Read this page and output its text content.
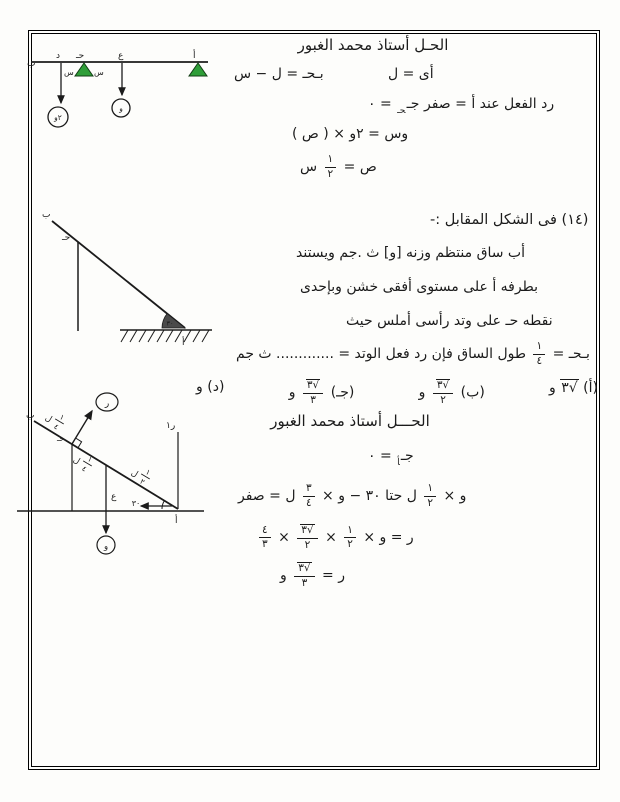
الحـل أستاذ محمد الغبور
أى = ل
بـحـ = ل − س
رد الفعل عند أ = صفر
جـ$_{حـ}$ = ٠
وس = ٢و × ( ص )
ص =
$\frac{١}{٢}$
س
ب
د حـ
س	س
ع	أ
٢و
و
(١٤) فى الشكل المقابل :-
أب ساق منتظم وزنه [و] ث .جم ويستند
بطرفه أ على مستوى أفقى خشن وبإحدى
نقطه حـ على وتد رأسى أملس حيث
بـحـ =
$\frac{١}{٤}$
طول الساق فإن رد فعل الوتد = ............. ث جم
(أ) √ ٣ و
(ب)
√ $\frac{٣}{٢}$
و
(جـ)
√ $\frac{٣}{٣}$
و
(د) و
ب
حـ
٣٠
أ
الحـــل أستاذ محمد الغبور
جـ$_أ$ = ٠
و ×
$\frac{١}{٢}$
ل حتا ٣٠ − و ×
$\frac{٣}{٤}$
ل = صفر
ر = و ×
$\frac{١}{٢}$
×
√ $\frac{٣}{٢}$
×
$\frac{٤}{٣}$
ر =
√ $\frac{٣}{٣}$
و
ب
حـ
ر
١
٤
ل
١
٤
ل
١
٢
ل
و
ر١
ع
٣٠
أ
